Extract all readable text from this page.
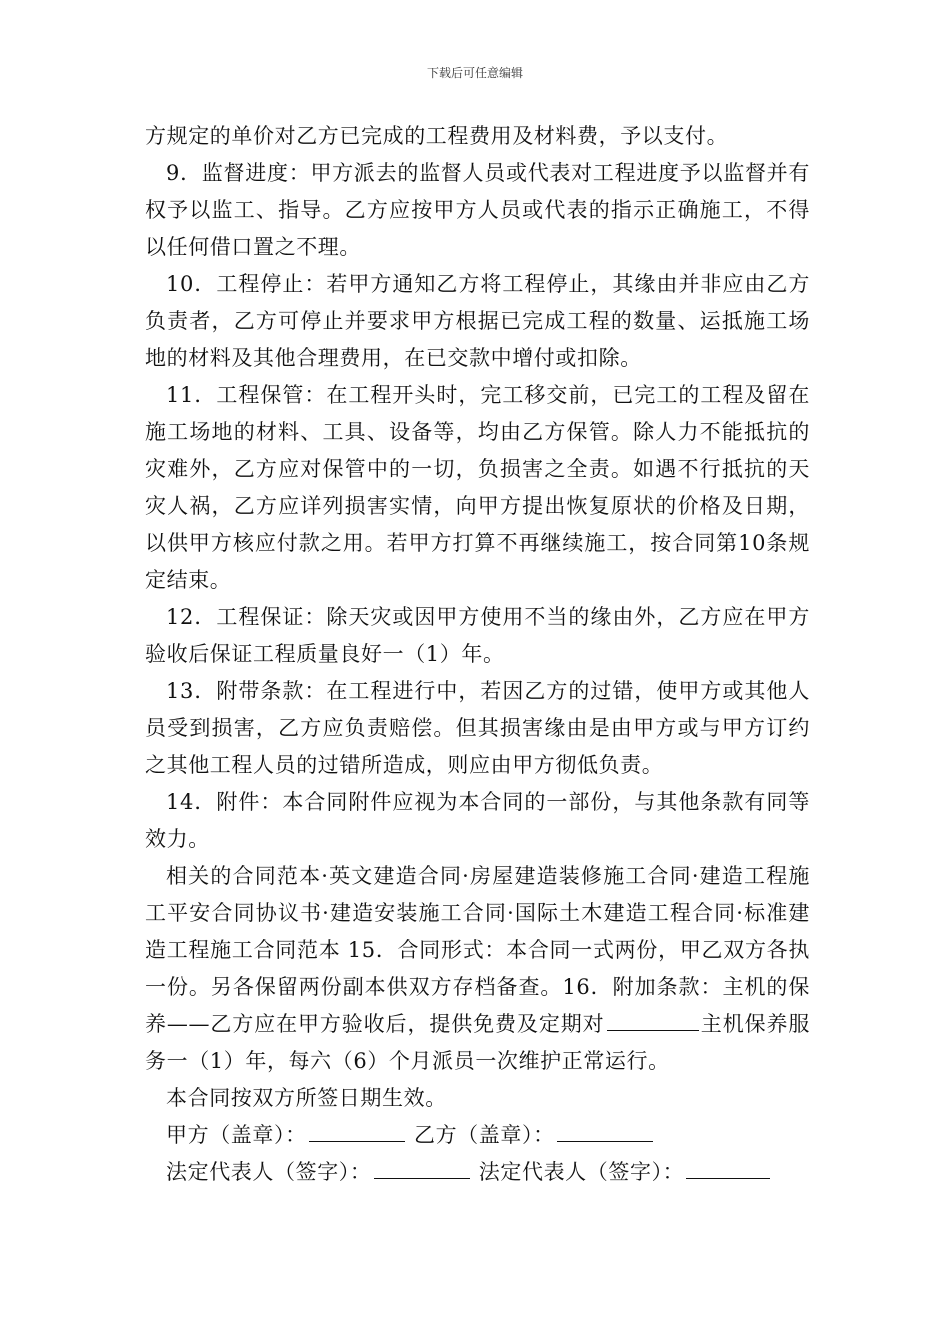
下载后可任意编辑

方规定的单价对乙方已完成的工程费用及材料费，予以支付。

9．监督进度：甲方派去的监督人员或代表对工程进度予以监督并有权予以监工、指导。乙方应按甲方人员或代表的指示正确施工，不得以任何借口置之不理。

10．工程停止：若甲方通知乙方将工程停止，其缘由并非应由乙方负责者，乙方可停止并要求甲方根据已完成工程的数量、运抵施工场地的材料及其他合理费用，在已交款中增付或扣除。

11．工程保管：在工程开头时，完工移交前，已完工的工程及留在施工场地的材料、工具、设备等，均由乙方保管。除人力不能抵抗的灾难外，乙方应对保管中的一切，负损害之全责。如遇不行抵抗的天灾人祸，乙方应详列损害实情，向甲方提出恢复原状的价格及日期，以供甲方核应付款之用。若甲方打算不再继续施工，按合同第10条规定结束。

12．工程保证：除天灾或因甲方使用不当的缘由外，乙方应在甲方验收后保证工程质量良好一（1）年。

13．附带条款：在工程进行中，若因乙方的过错，使甲方或其他人员受到损害，乙方应负责赔偿。但其损害缘由是由甲方或与甲方订约之其他工程人员的过错所造成，则应由甲方彻低负责。

14．附件：本合同附件应视为本合同的一部份，与其他条款有同等效力。

相关的合同范本·英文建造合同·房屋建造装修施工合同·建造工程施工平安合同协议书·建造安装施工合同·国际土木建造工程合同·标准建造工程施工合同范本 15．合同形式：本合同一式两份，甲乙双方各执一份。另各保留两份副本供双方存档备查。16．附加条款：主机的保养——乙方应在甲方验收后，提供免费及定期对	主机保养服务一（1）年，每六（6）个月派员一次维护正常运行。

本合同按双方所签日期生效。

甲方（盖章）：	乙方（盖章）：

法定代表人（签字）：	法定代表人（签字）：
